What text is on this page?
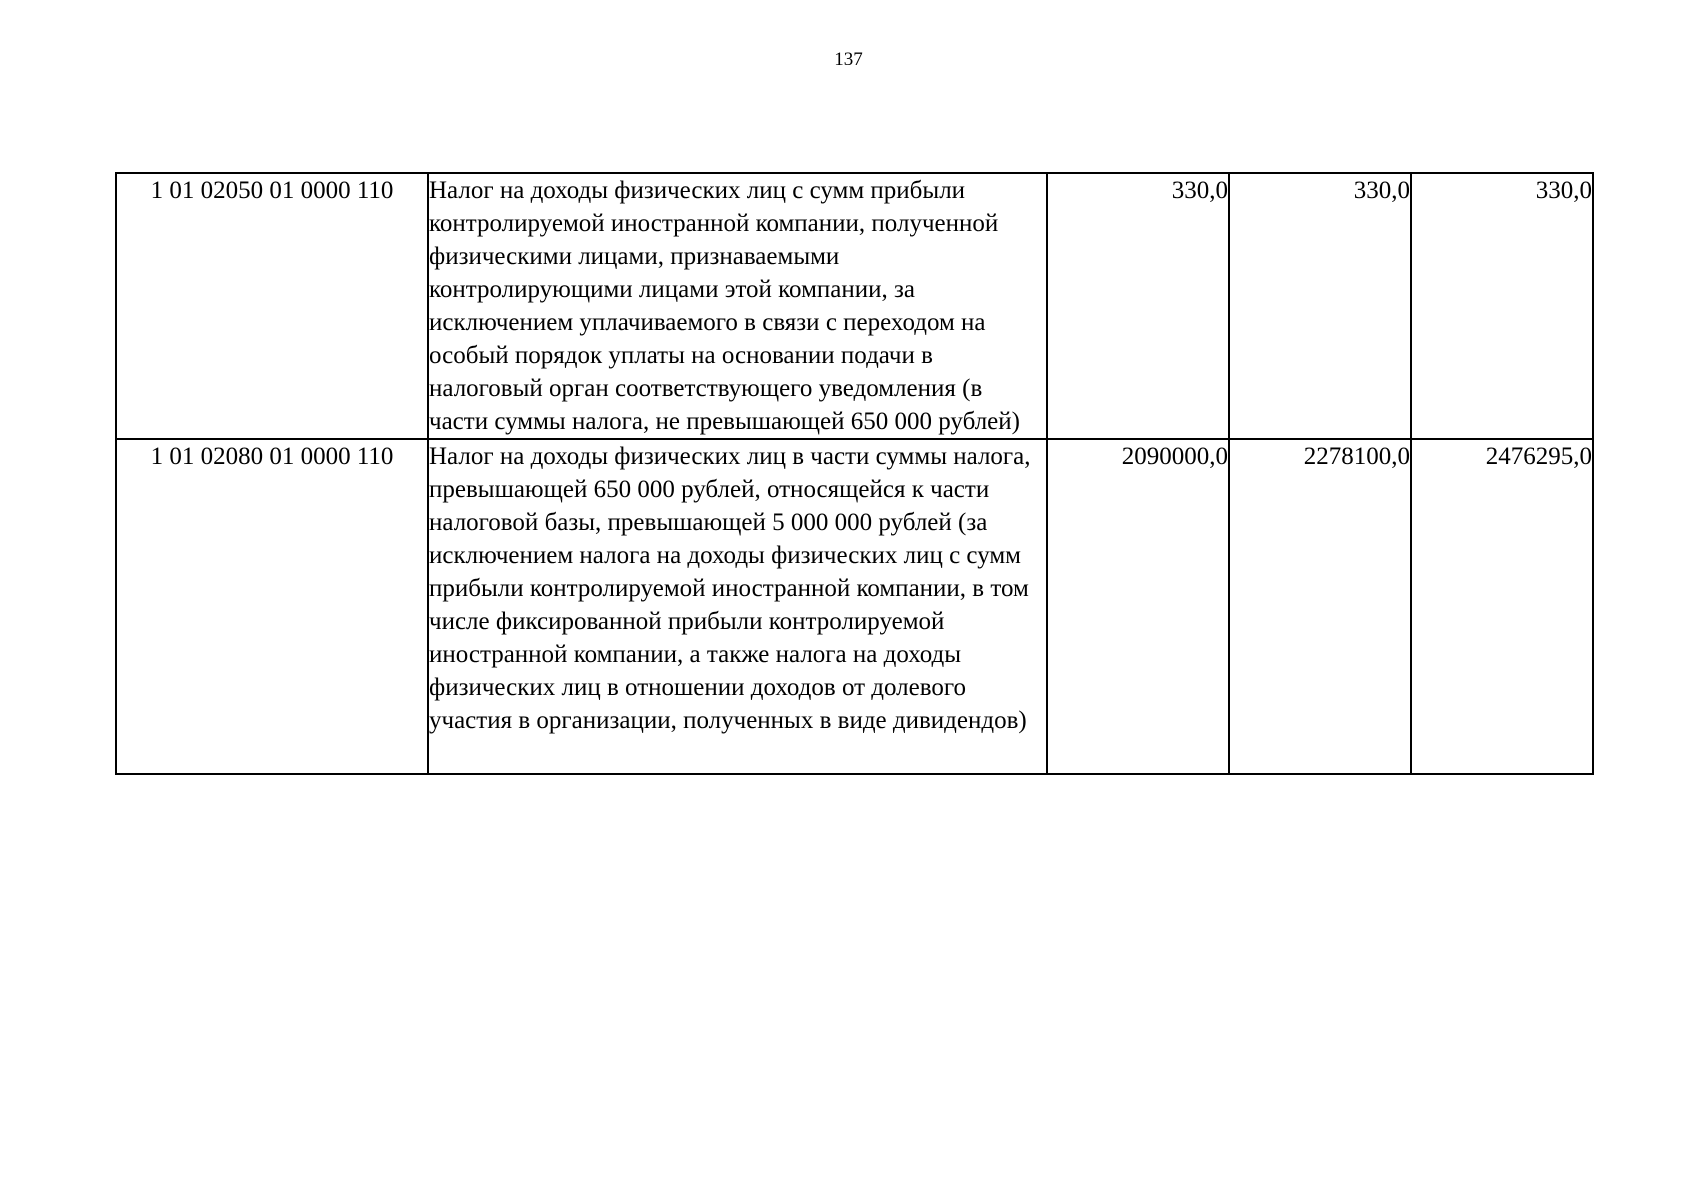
137
1 01 02050 01 0000 110	Налог на доходы физических лиц с сумм прибыли контролируемой иностранной компании, полученной физическими лицами, признаваемыми контролирующими лицами этой компании, за исключением уплачиваемого в связи с переходом на особый порядок уплаты на основании подачи в налоговый орган соответствующего уведомления (в части суммы налога, не превышающей 650 000 рублей)	330,0	330,0	330,0
1 01 02080 01 0000 110	Налог на доходы физических лиц в части суммы налога, превышающей 650 000 рублей, относящейся к части налоговой базы, превышающей 5 000 000 рублей (за исключением налога на доходы физических лиц с сумм прибыли контролируемой иностранной компании, в том числе фиксированной прибыли контролируемой иностранной компании, а также налога на доходы физических лиц в отношении доходов от долевого участия в организации, полученных в виде дивидендов)	2090000,0	2278100,0	2476295,0
